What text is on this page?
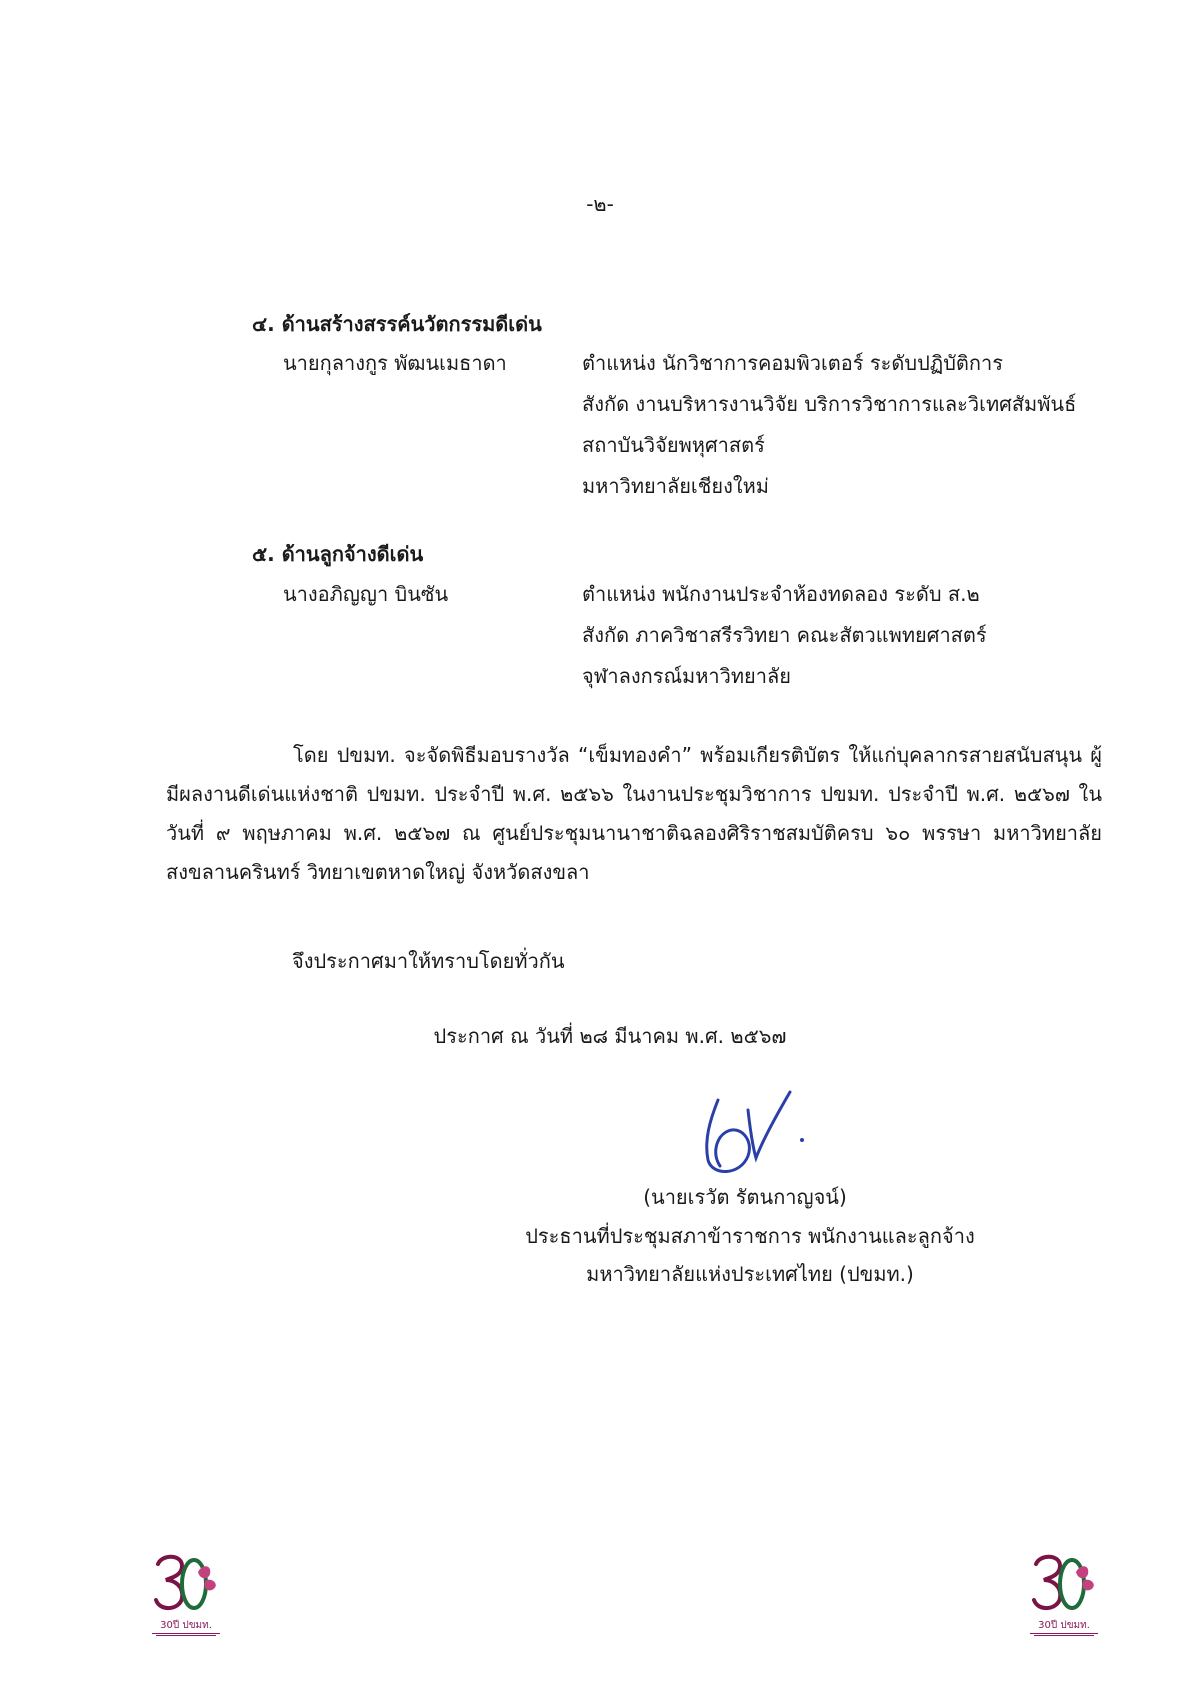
-๒-
๔. ด้านสร้างสรรค์นวัตกรรมดีเด่น
นายกุลางกูร พัฒนเมธาดา	ตำแหน่ง นักวิชาการคอมพิวเตอร์ ระดับปฏิบัติการ
สังกัด งานบริหารงานวิจัย บริการวิชาการและวิเทศสัมพันธ์
สถาบันวิจัยพหุศาสตร์
มหาวิทยาลัยเชียงใหม่
๕. ด้านลูกจ้างดีเด่น
นางอภิญญา บินซัน	ตำแหน่ง พนักงานประจำห้องทดลอง ระดับ ส.๒
สังกัด ภาควิชาสรีรวิทยา คณะสัตวแพทยศาสตร์
จุฬาลงกรณ์มหาวิทยาลัย
โดย ปขมท. จะจัดพิธีมอบรางวัล “เข็มทองคำ” พร้อมเกียรติบัตร ให้แก่บุคลากรสายสนับสนุน ผู้มีผลงานดีเด่นแห่งชาติ ปขมท. ประจำปี พ.ศ. ๒๕๖๖ ในงานประชุมวิชาการ ปขมท. ประจำปี พ.ศ. ๒๕๖๗ ในวันที่ ๙ พฤษภาคม พ.ศ. ๒๕๖๗ ณ ศูนย์ประชุมนานาชาติฉลองศิริราชสมบัติครบ ๖๐ พรรษา มหาวิทยาลัยสงขลานครินทร์ วิทยาเขตหาดใหญ่ จังหวัดสงขลา
จึงประกาศมาให้ทราบโดยทั่วกัน
ประกาศ ณ วันที่ ๒๘ มีนาคม พ.ศ. ๒๕๖๗
(นายเรวัต รัตนกาญจน์)
ประธานที่ประชุมสภาข้าราชการ พนักงานและลูกจ้าง
มหาวิทยาลัยแห่งประเทศไทย (ปขมท.)
30ปี ปขมท.	30ปี ปขมท.
